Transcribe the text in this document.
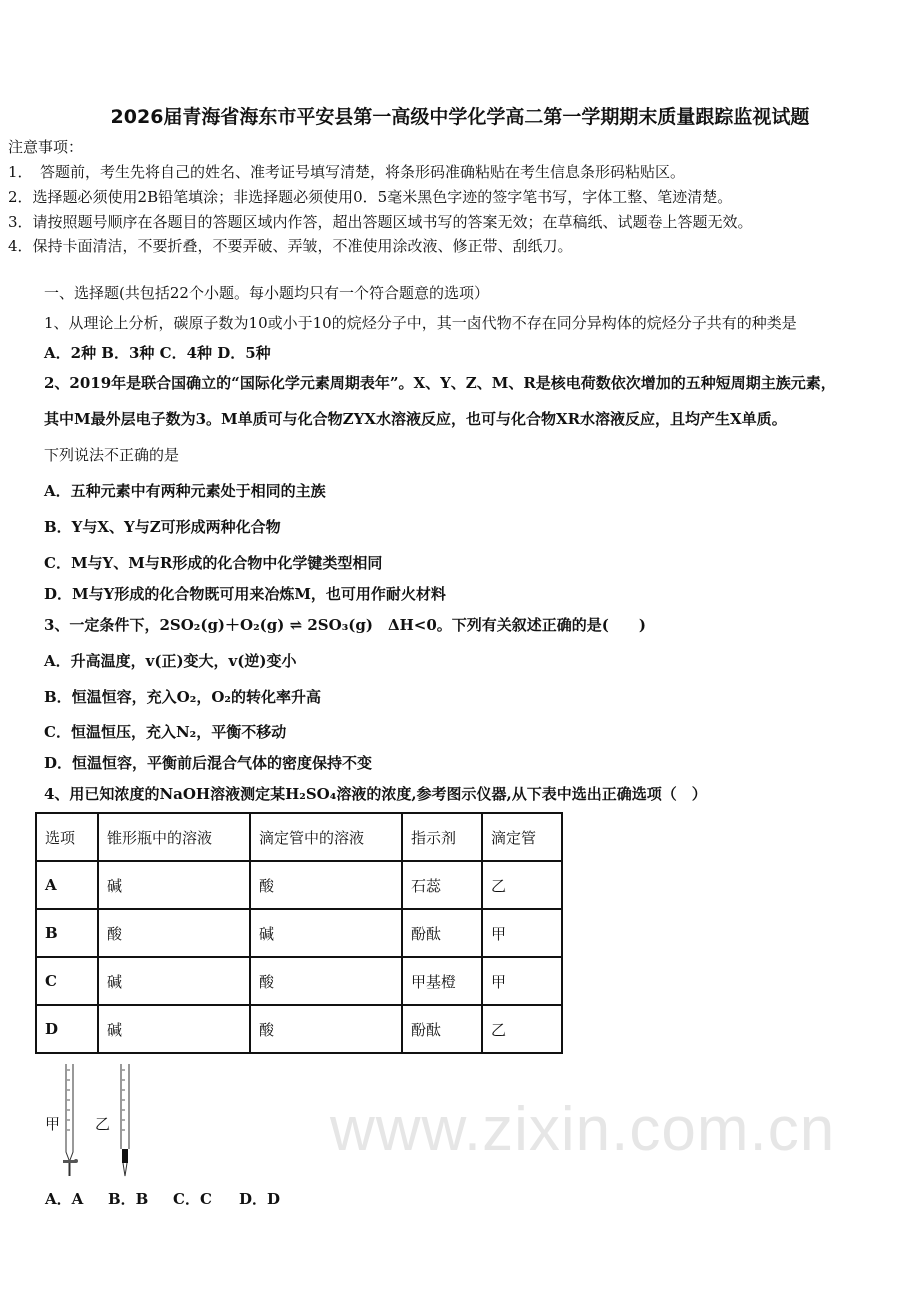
www.zixin.com.cn
2026届青海省海东市平安县第一高级中学化学高二第一学期期末质量跟踪监视试题
注意事项：
1．　答题前，考生先将自己的姓名、准考证号填写清楚，将条形码准确粘贴在考生信息条形码粘贴区。
2．选择题必须使用2B铅笔填涂；非选择题必须使用0．5毫米黑色字迹的签字笔书写，字体工整、笔迹清楚。
3．请按照题号顺序在各题目的答题区域内作答，超出答题区域书写的答案无效；在草稿纸、试题卷上答题无效。
4．保持卡面清洁，不要折叠，不要弄破、弄皱，不准使用涂改液、修正带、刮纸刀。
一、选择题(共包括22个小题。每小题均只有一个符合题意的选项）
1、从理论上分析，碳原子数为10或小于10的烷烃分子中，其一卤代物不存在同分异构体的烷烃分子共有的种类是
A．2种 B．3种 C．4种 D．5种
2、2019年是联合国确立的“国际化学元素周期表年”。X、Y、Z、M、R是核电荷数依次增加的五种短周期主族元素，
其中M最外层电子数为3。M单质可与化合物ZYX水溶液反应，也可与化合物XR水溶液反应，且均产生X单质。
下列说法不正确的是
A．五种元素中有两种元素处于相同的主族
B．Y与X、Y与Z可形成两种化合物
C．M与Y、M与R形成的化合物中化学键类型相同
D．M与Y形成的化合物既可用来冶炼M，也可用作耐火材料
3、一定条件下，2SO₂(g)＋O₂(g) ⇌ 2SO₃(g)　ΔH<0。下列有关叙述正确的是(　　)
A．升高温度，v(正)变大，v(逆)变小
B．恒温恒容，充入O₂，O₂的转化率升高
C．恒温恒压，充入N₂，平衡不移动
D．恒温恒容，平衡前后混合气体的密度保持不变
4、用已知浓度的NaOH溶液测定某H₂SO₄溶液的浓度,参考图示仪器,从下表中选出正确选项（　）
选项	锥形瓶中的溶液	滴定管中的溶液	指示剂	滴定管
A	碱	酸	石蕊	乙
B	酸	碱	酚酞	甲
C	碱	酸	甲基橙	甲
D	碱	酸	酚酞	乙
甲 乙
A．A B．B C．C D．D
